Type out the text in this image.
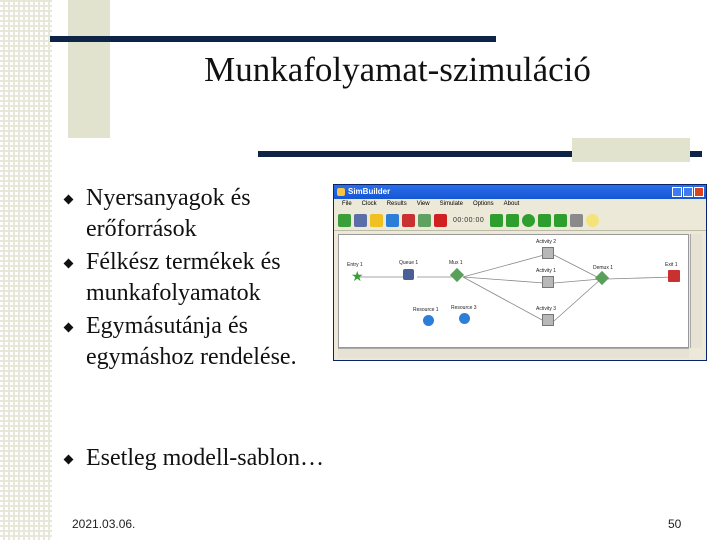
Munkafolyamat-szimuláció
Nyersanyagok és
erőforrások
Félkész termékek és
munkafolyamatok
Egymásutánja és
egymáshoz rendelése.
Esetleg modell-sablon…
SimBuilder
File Clock Results View Simulate Options About
00:00:00
Entry 1
★
Queue 1	Mux 1
Activity 2
Activity 1
Activity 3
Demux 1	Exit 1
Resource 1 Resource 3
2021.03.06.	50
